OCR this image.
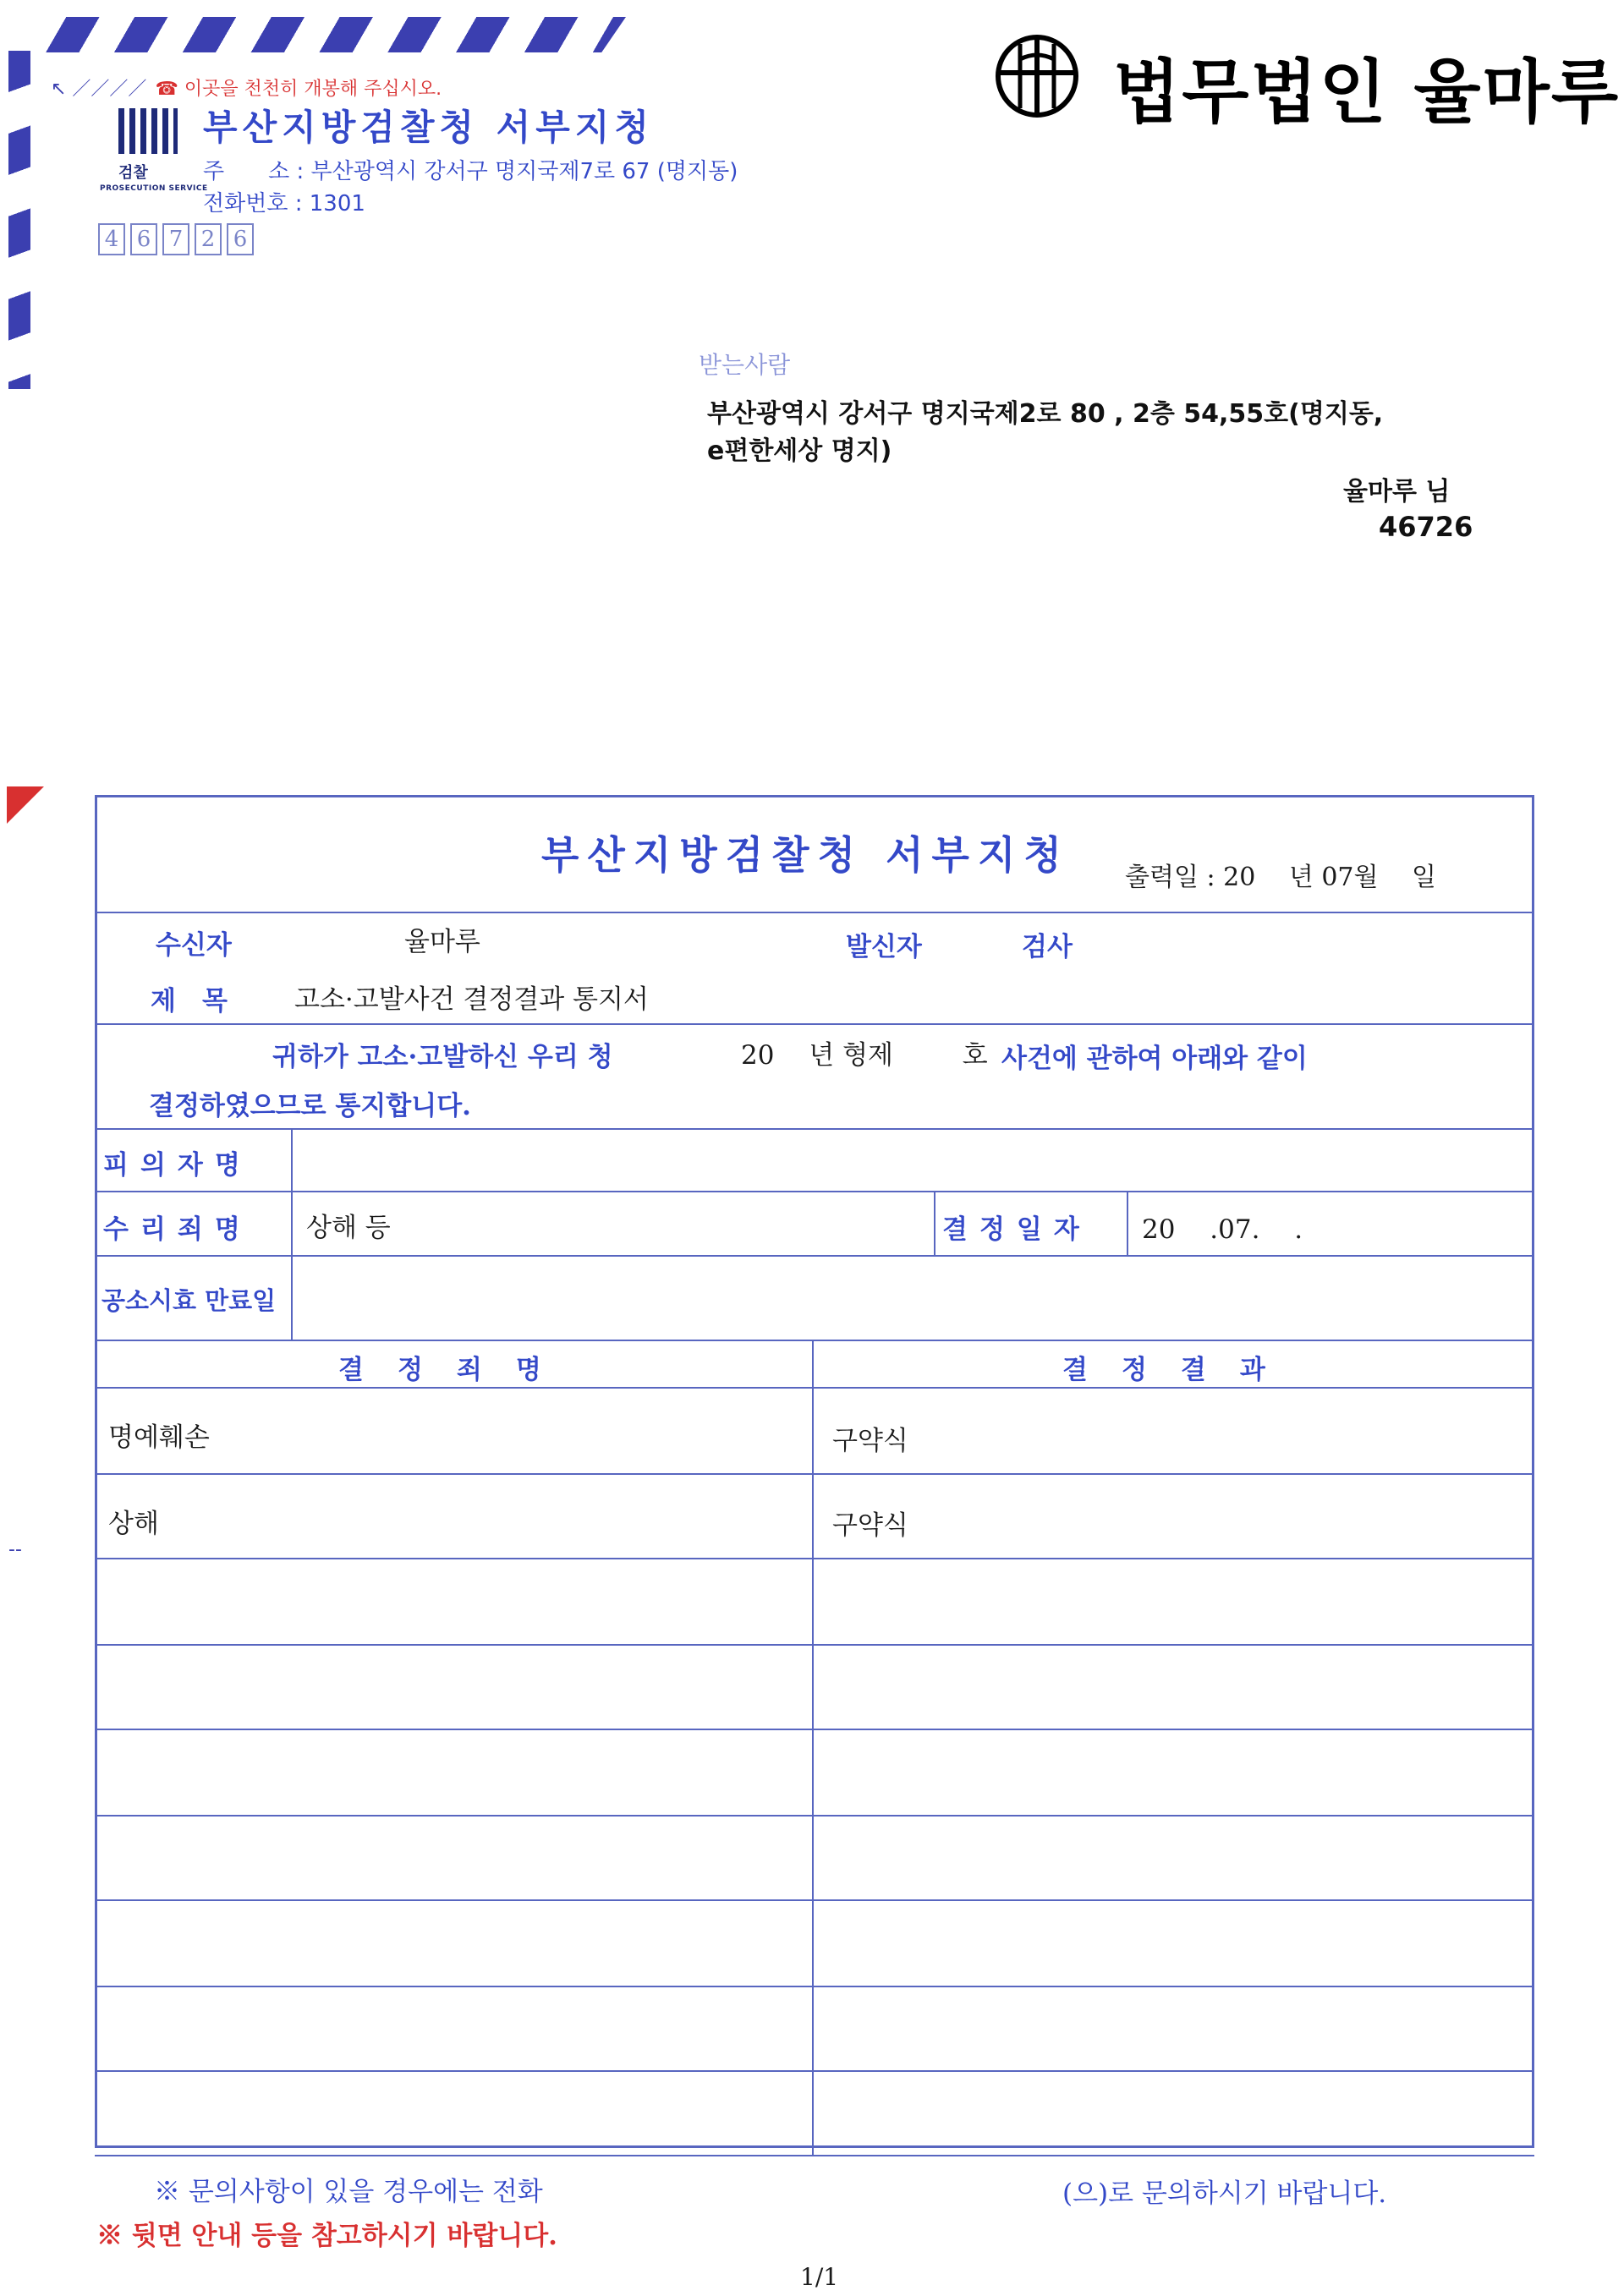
↖ ／／／／ ☎ 이곳을 천천히 개봉해 주십시오.
검찰
PROSECUTION SERVICE
부산지방검찰청 서부지청
주　　소 : 부산광역시 강서구 명지국제7로 67 (명지동)
전화번호 : 1301
4 6 7 2 6
법무법인 율마루
받는사람
부산광역시 강서구 명지국제2로 80 , 2층 54,55호(명지동,
e편한세상 명지)
율마루 님
46726
--
부산지방검찰청 서부지청 출력일 : 20　 년 07월　 일
수신자	율마루	발신자	검사
제　목	고소·고발사건 결정결과 통지서
귀하가 고소·고발하신 우리 청	20　 년 형제　 　 호 사건에 관하여 아래와 같이
결정하였으므로 통지합니다.
피의자명
수리죄명 상해 등	결정일자 20　 .07.　 .
공소시효 만료일
결정죄명	결정결과
명예훼손	구약식
상해	구약식
※ 문의사항이 있을 경우에는 전화	(으)로 문의하시기 바랍니다.
※ 뒷면 안내 등을 참고하시기 바랍니다.
1/1
